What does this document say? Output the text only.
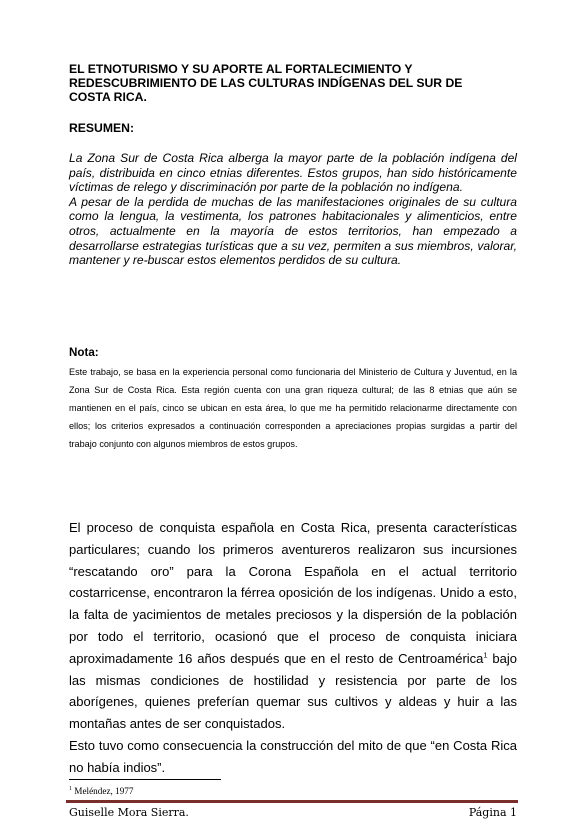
EL ETNOTURISMO Y SU APORTE AL FORTALECIMIENTO Y
REDESCUBRIMIENTO DE LAS CULTURAS INDÍGENAS DEL SUR DE
COSTA RICA.
RESUMEN:

La Zona Sur de Costa Rica alberga la mayor parte de la población indígena del país, distribuida en cinco etnias diferentes. Estos grupos, han sido históricamente víctimas de relego y discriminación por parte de la población no indígena.

A pesar de la perdida de muchas de las manifestaciones originales de su cultura como la lengua, la vestimenta, los patrones habitacionales y alimenticios, entre otros, actualmente en la mayoría de estos territorios, han empezado a desarrollarse estrategias turísticas que a su vez, permiten a sus miembros, valorar, mantener y re-buscar estos elementos perdidos de su cultura.

Nota:
Este trabajo, se basa en la experiencia personal como funcionaria del Ministerio de Cultura y Juventud, en la Zona Sur de Costa Rica. Esta región cuenta con una gran riqueza cultural; de las 8 etnias que aún se mantienen en el país, cinco se ubican en esta área, lo que me ha permitido relacionarme directamente con ellos; los criterios expresados a continuación corresponden a apreciaciones propias surgidas a partir del trabajo conjunto con algunos miembros de estos grupos.

El proceso de conquista española en Costa Rica, presenta características particulares; cuando los primeros aventureros realizaron sus incursiones “rescatando oro” para la Corona Española en el actual territorio costarricense, encontraron la férrea oposición de los indígenas. Unido a esto, la falta de yacimientos de metales preciosos y la dispersión de la población por todo el territorio, ocasionó que el proceso de conquista iniciara aproximadamente 16 años después que en el resto de Centroamérica$^1$ bajo las mismas condiciones de hostilidad y resistencia por parte de los aborígenes, quienes preferían quemar sus cultivos y aldeas y huir a las montañas antes de ser conquistados.

Esto tuvo como consecuencia la construcción del mito de que “en Costa Rica no había indios”.

$^1$ Meléndez, 1977
Guiselle Mora Sierra.	Página 1
